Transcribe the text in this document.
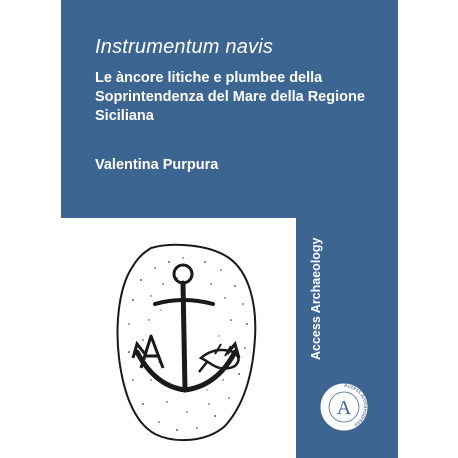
Instrumentum navis
Le àncore litiche e plumbee della Soprintendenza del Mare della Regione Siciliana
Valentina Purpura
Access Archaeology
A
Access Archaeopress
